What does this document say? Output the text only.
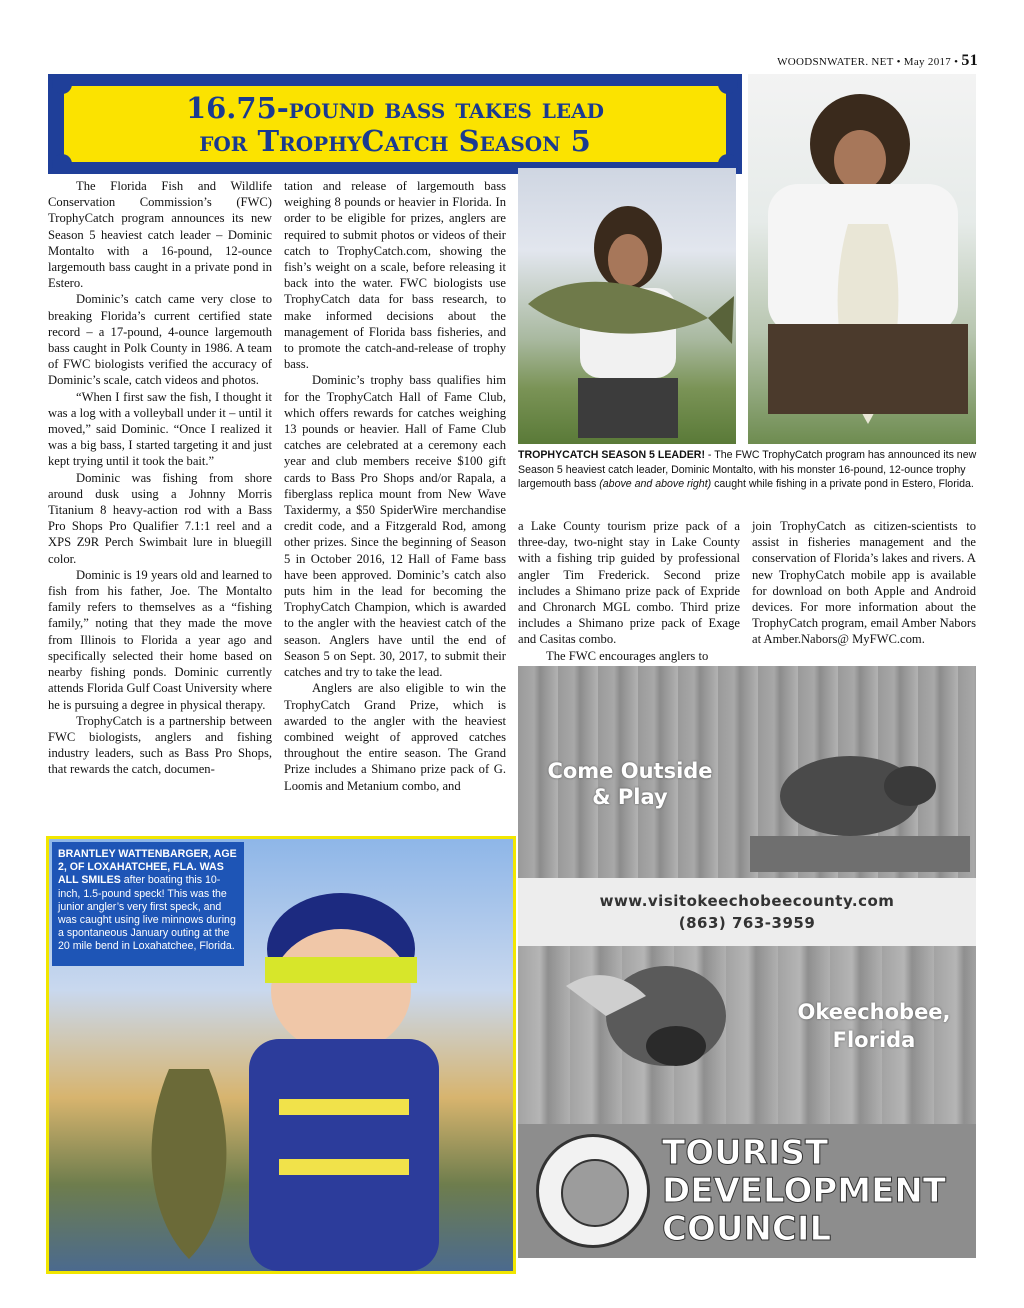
WOODSNWATER. NET • May 2017 • 51
16.75-pound bass takes lead
for TrophyCatch Season 5

The Florida Fish and Wildlife Conservation Commission’s (FWC) TrophyCatch program announces its new Season 5 heaviest catch leader – Dominic Montalto with a 16-pound, 12-ounce largemouth bass caught in a private pond in Estero.

Dominic’s catch came very close to breaking Florida’s current certified state record – a 17-pound, 4-ounce largemouth bass caught in Polk County in 1986. A team of FWC biologists verified the accuracy of Dominic’s scale, catch videos and photos.

“When I first saw the fish, I thought it was a log with a volleyball under it – until it moved,” said Dominic. “Once I realized it was a big bass, I started targeting it and just kept trying until it took the bait.”

Dominic was fishing from shore around dusk using a Johnny Morris Titanium 8 heavy-action rod with a Bass Pro Shops Pro Qualifier 7.1:1 reel and a XPS Z9R Perch Swimbait lure in bluegill color.

Dominic is 19 years old and learned to fish from his father, Joe. The Montalto family refers to themselves as a “fishing family,” noting that they made the move from Illinois to Florida a year ago and specifically selected their home based on nearby fishing ponds. Dominic currently attends Florida Gulf Coast University where he is pursuing a degree in physical therapy.

TrophyCatch is a partnership between FWC biologists, anglers and fishing industry leaders, such as Bass Pro Shops, that rewards the catch, documen-

tation and release of largemouth bass weighing 8 pounds or heavier in Florida. In order to be eligible for prizes, anglers are required to submit photos or videos of their catch to TrophyCatch.com, showing the fish’s weight on a scale, before releasing it back into the water. FWC biologists use TrophyCatch data for bass research, to make informed decisions about the management of Florida bass fisheries, and to promote the catch-and-release of trophy bass.

Dominic’s trophy bass qualifies him for the TrophyCatch Hall of Fame Club, which offers rewards for catches weighing 13 pounds or heavier. Hall of Fame Club catches are celebrated at a ceremony each year and club members receive $100 gift cards to Bass Pro Shops and/or Rapala, a fiberglass replica mount from New Wave Taxidermy, a $50 SpiderWire merchandise credit code, and a Fitzgerald Rod, among other prizes. Since the beginning of Season 5 in October 2016, 12 Hall of Fame bass have been approved. Dominic’s catch also puts him in the lead for becoming the TrophyCatch Champion, which is awarded to the angler with the heaviest catch of the season. Anglers have until the end of Season 5 on Sept. 30, 2017, to submit their catches and try to take the lead.

Anglers are also eligible to win the TrophyCatch Grand Prize, which is awarded to the angler with the heaviest combined weight of approved catches throughout the entire season. The Grand Prize includes a Shimano prize pack of G. Loomis and Metanium combo, and

TROPHYCATCH SEASON 5 LEADER! - The FWC TrophyCatch program has announced its new Season 5 heaviest catch leader, Dominic Montalto, with his monster 16-pound, 12-ounce trophy largemouth bass (above and above right) caught while fishing in a private pond in Estero, Florida.

a Lake County tourism prize pack of a three-day, two-night stay in Lake County with a fishing trip guided by professional angler Tim Frederick. Second prize includes a Shimano prize pack of Expride and Chronarch MGL combo. Third prize includes a Shimano prize pack of Exage and Casitas combo.

The FWC encourages anglers to

join TrophyCatch as citizen-scientists to assist in fisheries management and the conservation of Florida’s lakes and rivers. A new TrophyCatch mobile app is available for download on both Apple and Android devices. For more information about the TrophyCatch program, email Amber Nabors at Amber.Nabors@ MyFWC.com.

BRANTLEY WATTENBARGER, AGE 2, OF LOXAHATCHEE, FLA. WAS ALL SMILES after boating this 10-inch, 1.5-pound speck! This was the junior angler’s very first speck, and was caught using live minnows during a spontaneous January outing at the 20 mile bend in Loxahatchee, Florida.
Come Outside
& Play
www.visitokeechobeecounty.com
(863) 763-3959
Okeechobee,
Florida
TOURIST
DEVELOPMENT
COUNCIL
